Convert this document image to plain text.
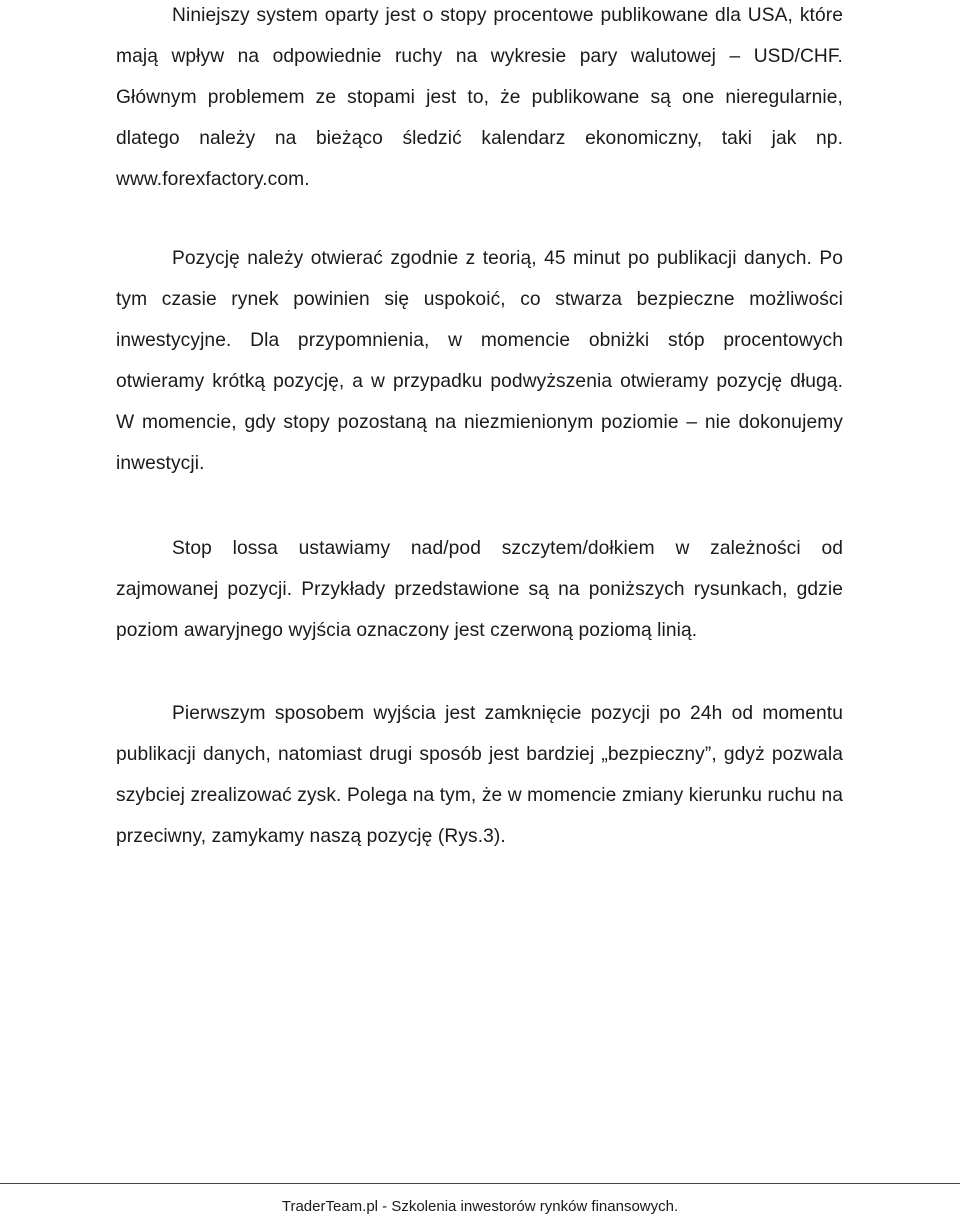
Niniejszy system oparty jest o stopy procentowe publikowane dla USA, które mają wpływ na odpowiednie ruchy na wykresie pary walutowej – USD/CHF. Głównym problemem ze stopami jest to, że publikowane są one nieregularnie, dlatego należy na bieżąco śledzić kalendarz ekonomiczny, taki jak np. www.forexfactory.com.

Pozycję należy otwierać zgodnie z teorią, 45 minut po publikacji danych. Po tym czasie rynek powinien się uspokoić, co stwarza bezpieczne możliwości inwestycyjne. Dla przypomnienia, w momencie obniżki stóp procentowych otwieramy krótką pozycję, a w przypadku podwyższenia otwieramy pozycję długą. W momencie, gdy stopy pozostaną na niezmienionym poziomie – nie dokonujemy inwestycji.

Stop lossa ustawiamy nad/pod szczytem/dołkiem w zależności od zajmowanej pozycji. Przykłady przedstawione są na poniższych rysunkach, gdzie poziom awaryjnego wyjścia oznaczony jest czerwoną poziomą linią.

Pierwszym sposobem wyjścia jest zamknięcie pozycji po 24h od momentu publikacji danych, natomiast drugi sposób jest bardziej „bezpieczny”, gdyż pozwala szybciej zrealizować zysk. Polega na tym, że w momencie zmiany kierunku ruchu na przeciwny, zamykamy naszą pozycję (Rys.3).

TraderTeam.pl - Szkolenia inwestorów rynków finansowych.
